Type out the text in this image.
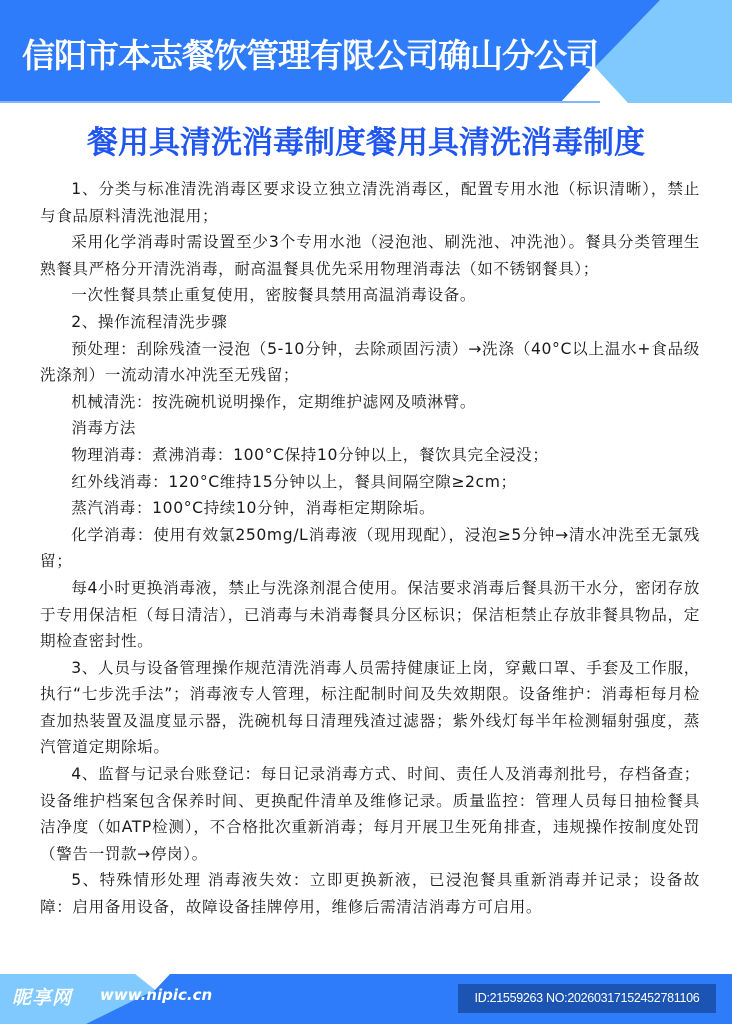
信阳市本志餐饮管理有限公司确山分公司
餐用具清洗消毒制度餐用具清洗消毒制度

1、分类与标准清洗消毒区要求设立独立清洗消毒区，配置专用水池（标识清晰），禁止与食品原料清洗池混用；

采用化学消毒时需设置至少3个专用水池（浸泡池、刷洗池、冲洗池）。餐具分类管理生熟餐具严格分开清洗消毒，耐高温餐具优先采用物理消毒法（如不锈钢餐具）；

一次性餐具禁止重复使用，密胺餐具禁用高温消毒设备。

2、操作流程清洗步骤

预处理：刮除残渣一浸泡（5-10分钟，去除顽固污渍）→洗涤（40°C以上温水+食品级洗涤剂）一流动清水冲洗至无残留；

机械清洗：按洗碗机说明操作，定期维护滤网及喷淋臂。

消毒方法

物理消毒：煮沸消毒：100°C保持10分钟以上，餐饮具完全浸没；

红外线消毒：120°C维持15分钟以上，餐具间隔空隙≥2cm；

蒸汽消毒：100°C持续10分钟，消毒柜定期除垢。

化学消毒：使用有效氯250mg/L消毒液（现用现配），浸泡≥5分钟→清水冲洗至无氯残留；

每4小时更换消毒液，禁止与洗涤剂混合使用。保洁要求消毒后餐具沥干水分，密闭存放于专用保洁柜（每日清洁），已消毒与未消毒餐具分区标识；保洁柜禁止存放非餐具物品，定期检查密封性。

3、人员与设备管理操作规范清洗消毒人员需持健康证上岗，穿戴口罩、手套及工作服，执行“七步洗手法”；消毒液专人管理，标注配制时间及失效期限。设备维护：消毒柜每月检查加热装置及温度显示器，洗碗机每日清理残渣过滤器；紫外线灯每半年检测辐射强度，蒸汽管道定期除垢。

4、监督与记录台账登记：每日记录消毒方式、时间、责任人及消毒剂批号，存档备查；设备维护档案包含保养时间、更换配件清单及维修记录。质量监控：管理人员每日抽检餐具洁净度（如ATP检测），不合格批次重新消毒；每月开展卫生死角排查，违规操作按制度处罚（警告一罚款→停岗）。

5、特殊情形处理 消毒液失效：立即更换新液，已浸泡餐具重新消毒并记录；设备故障：启用备用设备，故障设备挂牌停用，维修后需清洁消毒方可启用。

昵享网 www.nipic.cn	ID:21559263 NO:20260317152452781106
